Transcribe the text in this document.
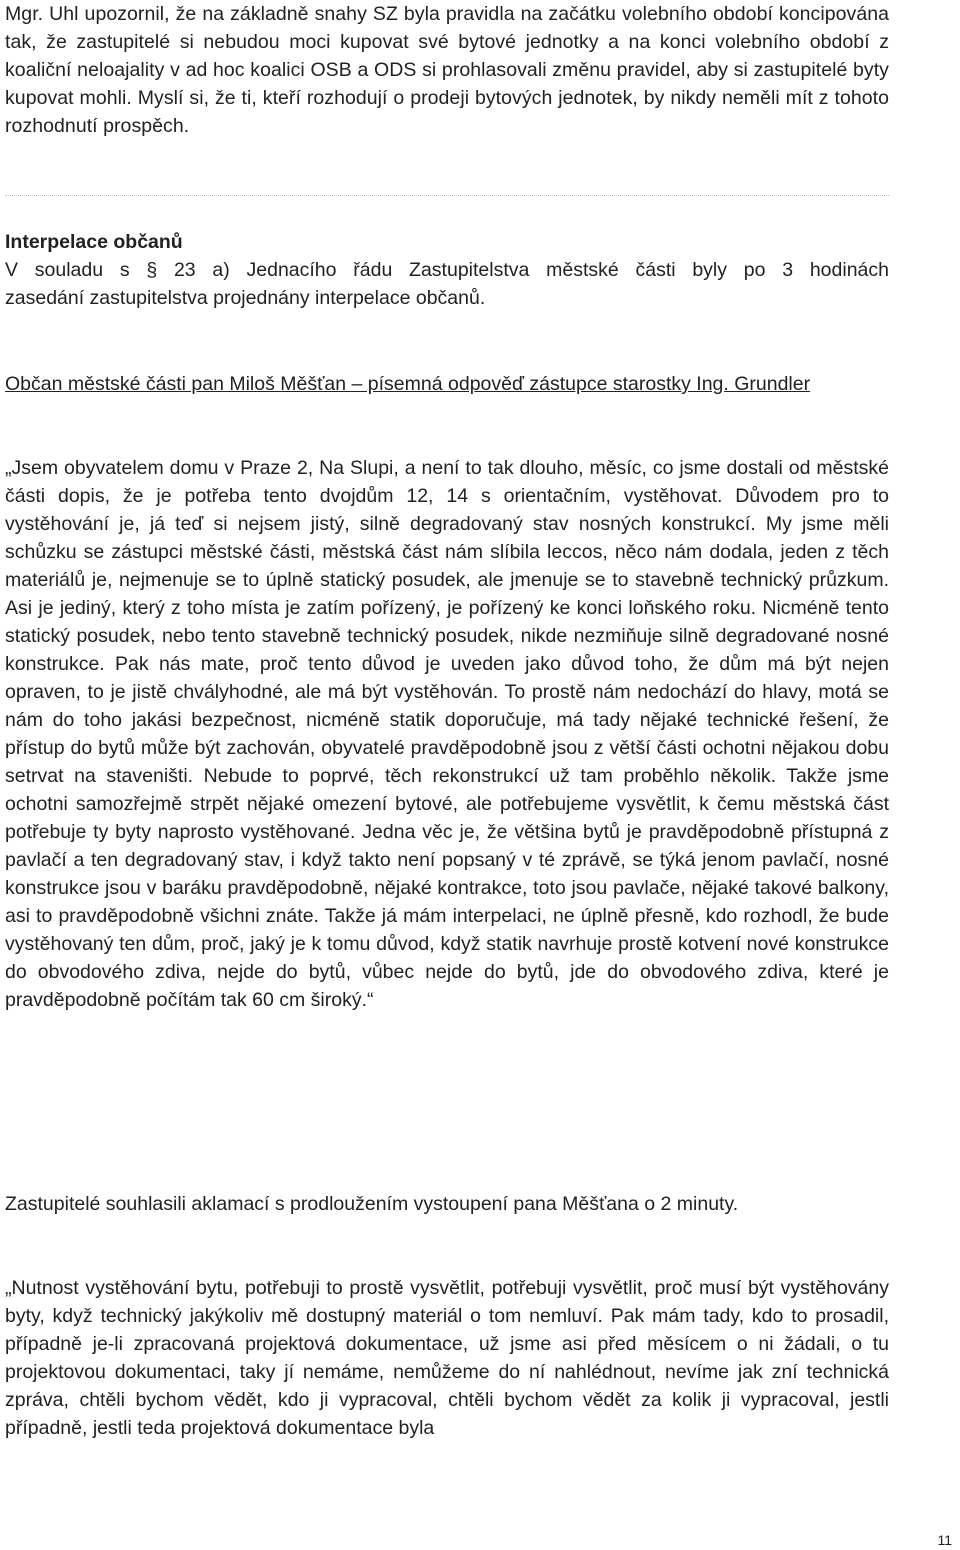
Mgr. Uhl upozornil, že na základně snahy SZ byla pravidla na začátku volebního období koncipována tak, že zastupitelé si nebudou moci kupovat své bytové jednotky a na konci volebního období z koaliční neloajality v ad hoc koalici OSB a ODS si prohlasovali změnu pravidel, aby si zastupitelé byty kupovat mohli. Myslí si, že ti, kteří rozhodují o prodeji bytových jednotek, by nikdy neměli mít z tohoto rozhodnutí prospěch.

Interpelace občanů
V souladu s § 23 a) Jednacího řádu Zastupitelstva městské části byly po 3 hodinách
zasedání zastupitelstva projednány interpelace občanů.

Občan městské části pan Miloš Měšťan – písemná odpověď zástupce starostky Ing. Grundler

„Jsem obyvatelem domu v Praze 2, Na Slupi, a není to tak dlouho, měsíc, co jsme dostali od městské části dopis, že je potřeba tento dvojdům 12, 14 s orientačním, vystěhovat. Důvodem pro to vystěhování je, já teď si nejsem jistý, silně degradovaný stav nosných konstrukcí. My jsme měli schůzku se zástupci městské části, městská část nám slíbila leccos, něco nám dodala, jeden z těch materiálů je, nejmenuje se to úplně statický posudek, ale jmenuje se to stavebně technický průzkum. Asi je jediný, který z toho místa je zatím pořízený, je pořízený ke konci loňského roku. Nicméně tento statický posudek, nebo tento stavebně technický posudek, nikde nezmiňuje silně degradované nosné konstrukce. Pak nás mate, proč tento důvod je uveden jako důvod toho, že dům má být nejen opraven, to je jistě chvályhodné, ale má být vystěhován. To prostě nám nedochází do hlavy, motá se nám do toho jakási bezpečnost, nicméně statik doporučuje, má tady nějaké technické řešení, že přístup do bytů může být zachován, obyvatelé pravděpodobně jsou z větší části ochotni nějakou dobu setrvat na staveništi. Nebude to poprvé, těch rekonstrukcí už tam proběhlo několik. Takže jsme ochotni samozřejmě strpět nějaké omezení bytové, ale potřebujeme vysvětlit, k čemu městská část potřebuje ty byty naprosto vystěhované. Jedna věc je, že většina bytů je pravděpodobně přístupná z pavlačí a ten degradovaný stav, i když takto není popsaný v té zprávě, se týká jenom pavlačí, nosné konstrukce jsou v baráku pravděpodobně, nějaké kontrakce, toto jsou pavlače, nějaké takové balkony, asi to pravděpodobně všichni znáte. Takže já mám interpelaci, ne úplně přesně, kdo rozhodl, že bude vystěhovaný ten dům, proč, jaký je k tomu důvod, když statik navrhuje prostě kotvení nové konstrukce do obvodového zdiva, nejde do bytů, vůbec nejde do bytů, jde do obvodového zdiva, které je pravděpodobně počítám tak 60 cm široký.“

Zastupitelé souhlasili aklamací s prodloužením vystoupení pana Měšťana o 2 minuty.

„Nutnost vystěhování bytu, potřebuji to prostě vysvětlit, potřebuji vysvětlit, proč musí být vystěhovány byty, když technický jakýkoliv mě dostupný materiál o tom nemluví. Pak mám tady, kdo to prosadil, případně je-li zpracovaná projektová dokumentace, už jsme asi před měsícem o ni žádali, o tu projektovou dokumentaci, taky jí nemáme, nemůžeme do ní nahlédnout, nevíme jak zní technická zpráva, chtěli bychom vědět, kdo ji vypracoval, chtěli bychom vědět za kolik ji vypracoval, jestli případně, jestli teda projektová dokumentace byla

11
